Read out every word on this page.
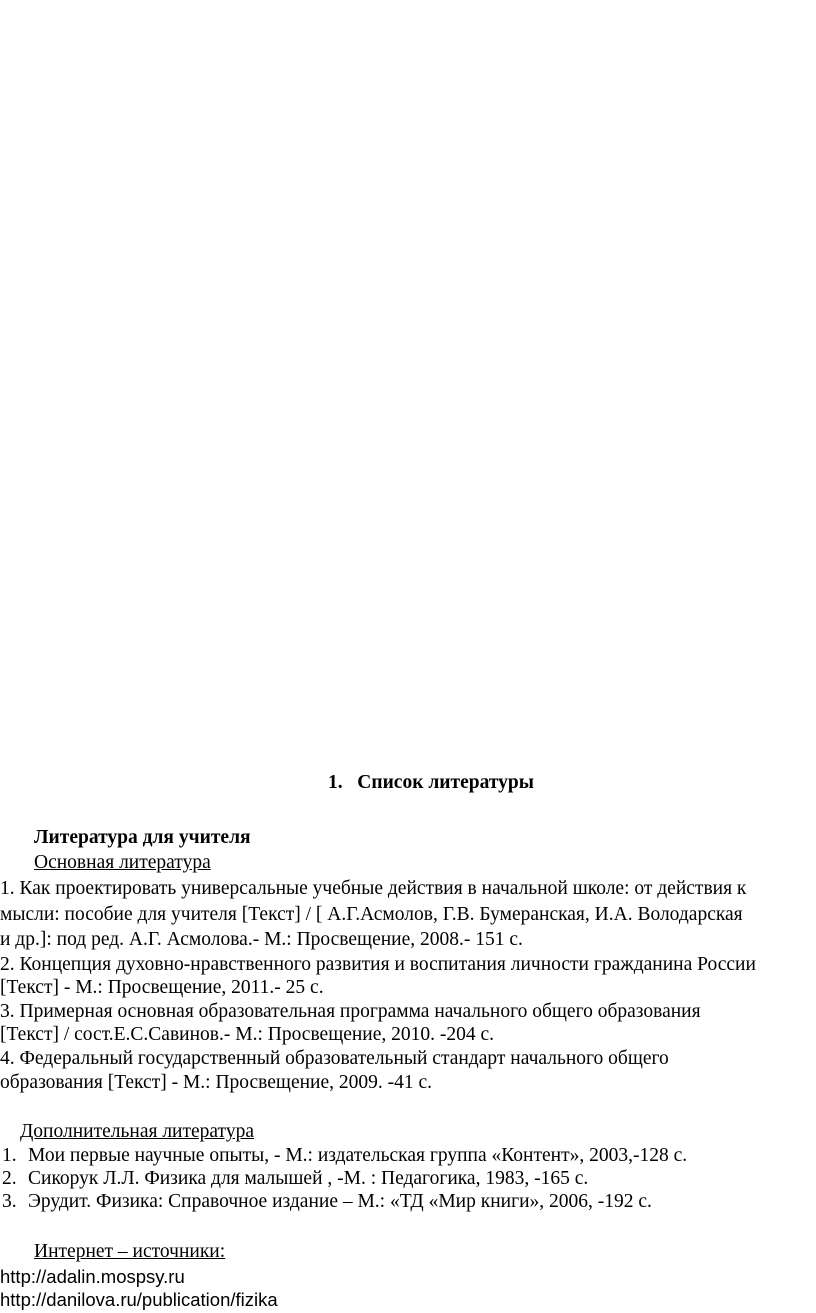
1. Список литературы
Литература для учителя
Основная литература
1. Как проектировать универсальные учебные действия в начальной школе: от действия к
мысли: пособие для учителя [Текст] / [ А.Г.Асмолов, Г.В. Бумеранская, И.А. Володарская
и др.]: под ред. А.Г. Асмолова.- М.: Просвещение, 2008.- 151 с.
2. Концепция духовно-нравственного развития и воспитания личности гражданина России
[Текст] - М.: Просвещение, 2011.- 25 с.
3. Примерная основная образовательная программа начального общего образования
[Текст] / сост.Е.С.Савинов.- М.: Просвещение, 2010. -204 с.
4. Федеральный государственный образовательный стандарт начального общего
образования [Текст] - М.: Просвещение, 2009. -41 с.
Дополнительная литература
1. Мои первые научные опыты, - М.: издательская группа «Контент», 2003,-128 с.
2. Сикорук Л.Л. Физика для малышей , -М. : Педагогика, 1983, -165 с.
3. Эрудит. Физика: Справочное издание – М.: «ТД «Мир книги», 2006, -192 с.
Интернет – источники:
http://adalin.mospsy.ru
http://danilova.ru/publication/fizika
